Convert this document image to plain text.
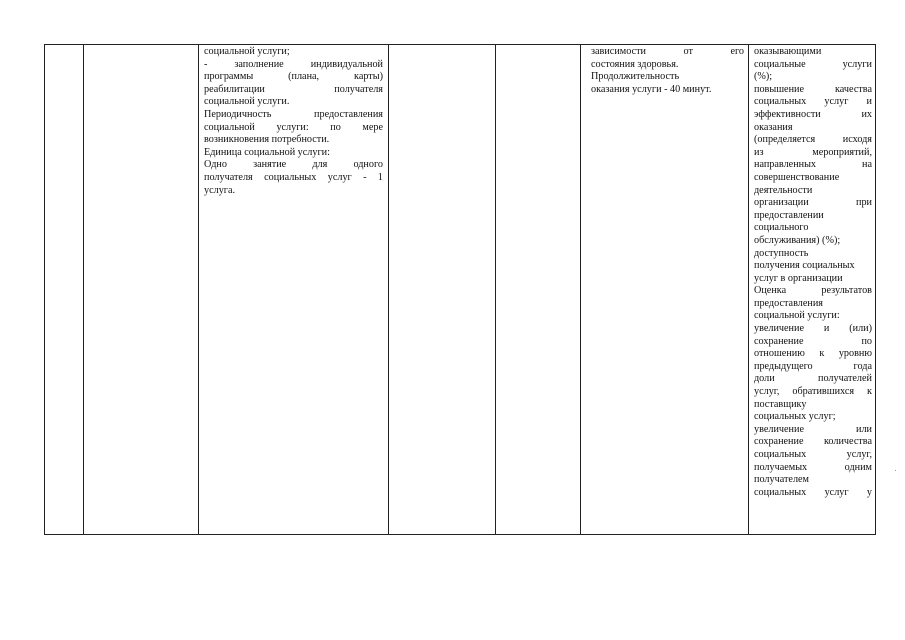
социальной услуги;

- заполнение индивидуальной

программы (плана, карты)

реабилитации получателя

социальной услуги.

Периодичность предоставления

социальной услуги: по мере

возникновения потребности.

Единица социальной услуги:

Одно занятие для одного

получателя социальных услуг - 1

услуга.

зависимости от его

состояния здоровья.

Продолжительность

оказания услуги - 40 минут.

оказывающими

социальные услуги

(%);

повышение качества

социальных услуг и

эффективности их

оказания

(определяется исходя

из мероприятий,

направленных на

совершенствование

деятельности

организации при

предоставлении

социального

обслуживания) (%);

доступность

получения социальных

услуг в организации

Оценка результатов

предоставления

социальной услуги:

увеличение и (или)

сохранение по

отношению к уровню

предыдущего года

доли получателей

услуг, обратившихся к

поставщику

социальных услуг;

увеличение или

сохранение количества

социальных услуг,

получаемых одним

получателем

социальных услуг у
